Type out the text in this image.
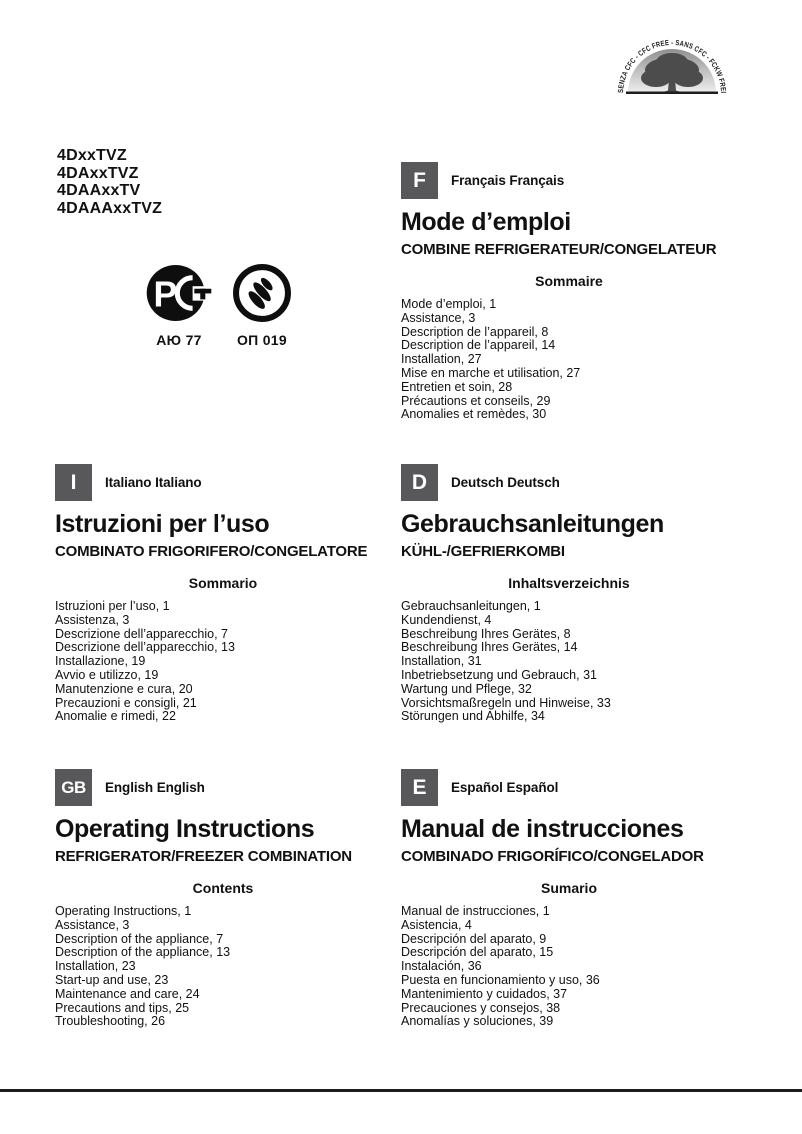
SENZA CFC - CFC FREE - SANS CFC - FCKW FREI
4DxxTVZ
4DAxxTVZ
4DAAxxTV
4DAAAxxTVZ
Р
АЮ 77	ОП 019
F	Français Français
Mode d’emploi
COMBINE REFRIGERATEUR/CONGELATEUR
Sommaire
Mode d’emploi, 1
Assistance, 3
Description de l’appareil, 8
Description de l’appareil, 14
Installation, 27
Mise en marche et utilisation, 27
Entretien et soin, 28
Précautions et conseils, 29
Anomalies et remèdes, 30
I	Italiano Italiano
Istruzioni per l’uso
COMBINATO FRIGORIFERO/CONGELATORE
Sommario
Istruzioni per l’uso, 1
Assistenza, 3
Descrizione dell’apparecchio, 7
Descrizione dell’apparecchio, 13
Installazione, 19
Avvio e utilizzo, 19
Manutenzione e cura, 20
Precauzioni e consigli, 21
Anomalie e rimedi, 22
D	Deutsch Deutsch
Gebrauchsanleitungen
KÜHL-/GEFRIERKOMBI
Inhaltsverzeichnis
Gebrauchsanleitungen, 1
Kundendienst, 4
Beschreibung Ihres Gerätes, 8
Beschreibung Ihres Gerätes, 14
Installation, 31
Inbetriebsetzung und Gebrauch, 31
Wartung und Pflege, 32
Vorsichtsmaßregeln und Hinweise, 33
Störungen und Abhilfe, 34
GB	English English
Operating Instructions
REFRIGERATOR/FREEZER COMBINATION
Contents
Operating Instructions, 1
Assistance, 3
Description of the appliance, 7
Description of the appliance, 13
Installation, 23
Start-up and use, 23
Maintenance and care, 24
Precautions and tips, 25
Troubleshooting, 26
E	Español Español
Manual de instrucciones
COMBINADO FRIGORÍFICO/CONGELADOR
Sumario
Manual de instrucciones, 1
Asistencia, 4
Descripción del aparato, 9
Descripción del aparato, 15
Instalación, 36
Puesta en funcionamiento y uso, 36
Mantenimiento y cuidados, 37
Precauciones y consejos, 38
Anomalías y soluciones, 39
